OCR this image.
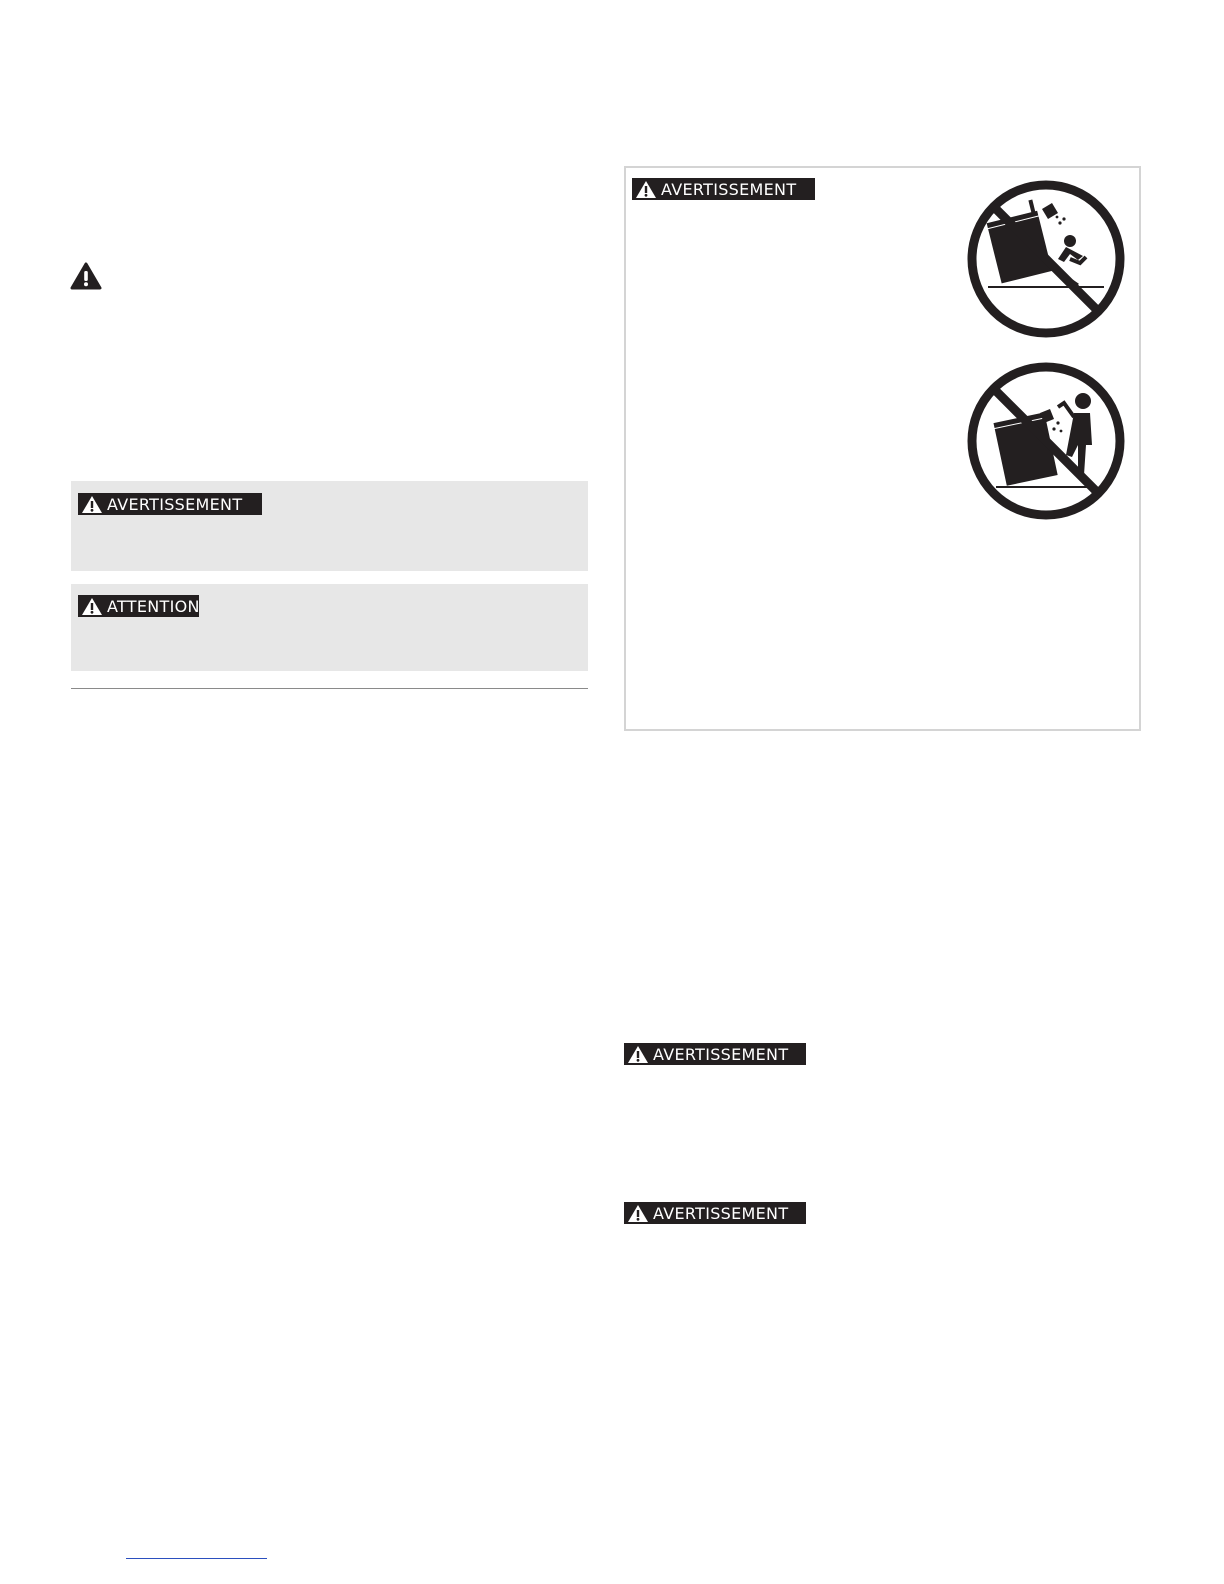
AVERTISSEMENT
ATTENTION
AVERTISSEMENT
AVERTISSEMENT
AVERTISSEMENT
